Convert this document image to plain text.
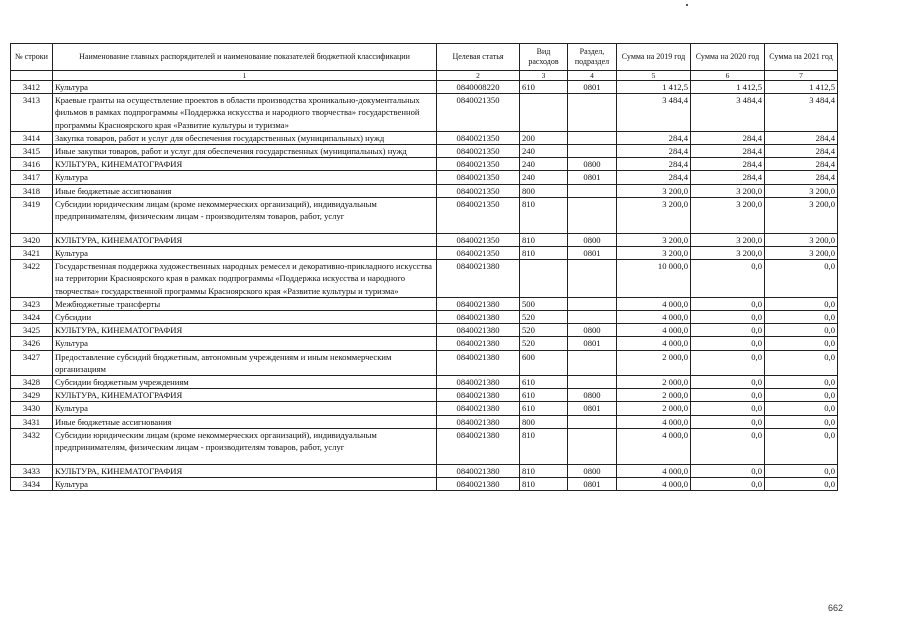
№ строки	Наименование главных распорядителей и наименование показателей бюджетной классификации	Целевая статья	Вид расходов	Раздел, подраздел	Сумма на 2019 год	Сумма на 2020 год	Сумма на 2021 год
	1	2	3	4	5	6	7
3412	Культура	0840008220	610	0801	1 412,5	1 412,5	1 412,5
3413	Краевые гранты на осуществление проектов в области производства хроникально-документальных фильмов в рамках подпрограммы «Поддержка искусства и народного творчества» государственной программы Красноярского края «Развитие культуры и туризма»	0840021350			3 484,4	3 484,4	3 484,4
3414	Закупка товаров, работ и услуг для обеспечения государственных (муниципальных) нужд	0840021350	200		284,4	284,4	284,4
3415	Иные закупки товаров, работ и услуг для обеспечения государственных (муниципальных) нужд	0840021350	240		284,4	284,4	284,4
3416	КУЛЬТУРА, КИНЕМАТОГРАФИЯ	0840021350	240	0800	284,4	284,4	284,4
3417	Культура	0840021350	240	0801	284,4	284,4	284,4
3418	Иные бюджетные ассигнования	0840021350	800		3 200,0	3 200,0	3 200,0
3419	Субсидии юридическим лицам (кроме некоммерческих организаций), индивидуальным предпринимателям, физическим лицам - производителям товаров, работ, услуг	0840021350	810		3 200,0	3 200,0	3 200,0
3420	КУЛЬТУРА, КИНЕМАТОГРАФИЯ	0840021350	810	0800	3 200,0	3 200,0	3 200,0
3421	Культура	0840021350	810	0801	3 200,0	3 200,0	3 200,0
3422	Государственная поддержка художественных народных ремесел и декоративно-прикладного искусства на территории Красноярского края в рамках подпрограммы «Поддержка искусства и народного творчества» государственной программы Красноярского края «Развитие культуры и туризма»	0840021380			10 000,0	0,0	0,0
3423	Межбюджетные трансферты	0840021380	500		4 000,0	0,0	0,0
3424	Субсидии	0840021380	520		4 000,0	0,0	0,0
3425	КУЛЬТУРА, КИНЕМАТОГРАФИЯ	0840021380	520	0800	4 000,0	0,0	0,0
3426	Культура	0840021380	520	0801	4 000,0	0,0	0,0
3427	Предоставление субсидий бюджетным, автономным учреждениям и иным некоммерческим организациям	0840021380	600		2 000,0	0,0	0,0
3428	Субсидии бюджетным учреждениям	0840021380	610		2 000,0	0,0	0,0
3429	КУЛЬТУРА, КИНЕМАТОГРАФИЯ	0840021380	610	0800	2 000,0	0,0	0,0
3430	Культура	0840021380	610	0801	2 000,0	0,0	0,0
3431	Иные бюджетные ассигнования	0840021380	800		4 000,0	0,0	0,0
3432	Субсидии юридическим лицам (кроме некоммерческих организаций), индивидуальным предпринимателям, физическим лицам - производителям товаров, работ, услуг	0840021380	810		4 000,0	0,0	0,0
3433	КУЛЬТУРА, КИНЕМАТОГРАФИЯ	0840021380	810	0800	4 000,0	0,0	0,0
3434	Культура	0840021380	810	0801	4 000,0	0,0	0,0
662
